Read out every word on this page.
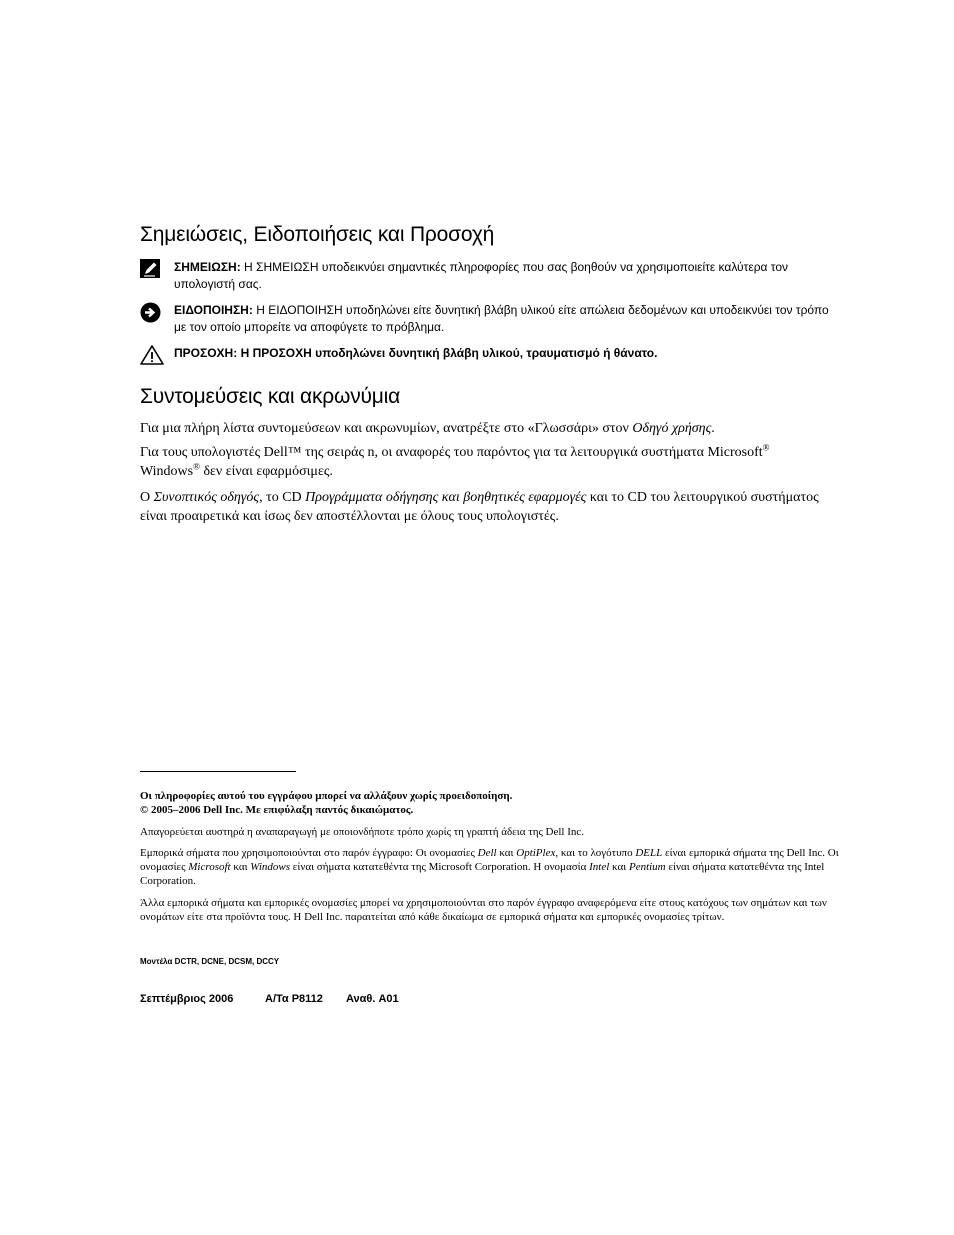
Σημειώσεις, Ειδοποιήσεις και Προσοχή
ΣΗΜΕΙΩΣΗ: Η ΣΗΜΕΙΩΣΗ υποδεικνύει σημαντικές πληροφορίες που σας βοηθούν να χρησιμοποιείτε καλύτερα τον υπολογιστή σας.
ΕΙΔΟΠΟΙΗΣΗ: Η ΕΙΔΟΠΟΙΗΣΗ υποδηλώνει είτε δυνητική βλάβη υλικού είτε απώλεια δεδομένων και υποδεικνύει τον τρόπο με τον οποίο μπορείτε να αποφύγετε το πρόβλημα.
ΠΡΟΣΟΧΗ: Η ΠΡΟΣΟΧΗ υποδηλώνει δυνητική βλάβη υλικού, τραυματισμό ή θάνατο.
Συντομεύσεις και ακρωνύμια

Για μια πλήρη λίστα συντομεύσεων και ακρωνυμίων, ανατρέξτε στο «Γλωσσάρι» στον Οδηγό χρήσης.

Για τους υπολογιστές Dell™ της σειράς n, οι αναφορές του παρόντος για τα λειτουργικά συστήματα Microsoft®
Windows® δεν είναι εφαρμόσιμες.

Ο Συνοπτικός οδηγός, το CD Προγράμματα οδήγησης και βοηθητικές εφαρμογές και το CD του λειτουργικού συστήματος είναι προαιρετικά και ίσως δεν αποστέλλονται με όλους τους υπολογιστές.

Οι πληροφορίες αυτού του εγγράφου μπορεί να αλλάξουν χωρίς προειδοποίηση.
© 2005–2006 Dell Inc. Με επιφύλαξη παντός δικαιώματος.

Απαγορεύεται αυστηρά η αναπαραγωγή με οποιονδήποτε τρόπο χωρίς τη γραπτή άδεια της Dell Inc.

Εμπορικά σήματα που χρησιμοποιούνται στο παρόν έγγραφο: Οι ονομασίες Dell και OptiPlex, και το λογότυπο DELL είναι εμπορικά σήματα της Dell Inc. Οι ονομασίες Microsoft και Windows είναι σήματα κατατεθέντα της Microsoft Corporation. Η ονομασία Intel και Pentium είναι σήματα κατατεθέντα της Intel Corporation.

Άλλα εμπορικά σήματα και εμπορικές ονομασίες μπορεί να χρησιμοποιούνται στο παρόν έγγραφο αναφερόμενα είτε στους κατόχους των σημάτων και των ονομάτων είτε στα προϊόντα τους. Η Dell Inc. παραιτείται από κάθε δικαίωμα σε εμπορικά σήματα και εμπορικές ονομασίες τρίτων.

Μοντέλα DCTR, DCNE, DCSM, DCCY
Σεπτέμβριος 2006	Α/Τα P8112 Αναθ. A01
